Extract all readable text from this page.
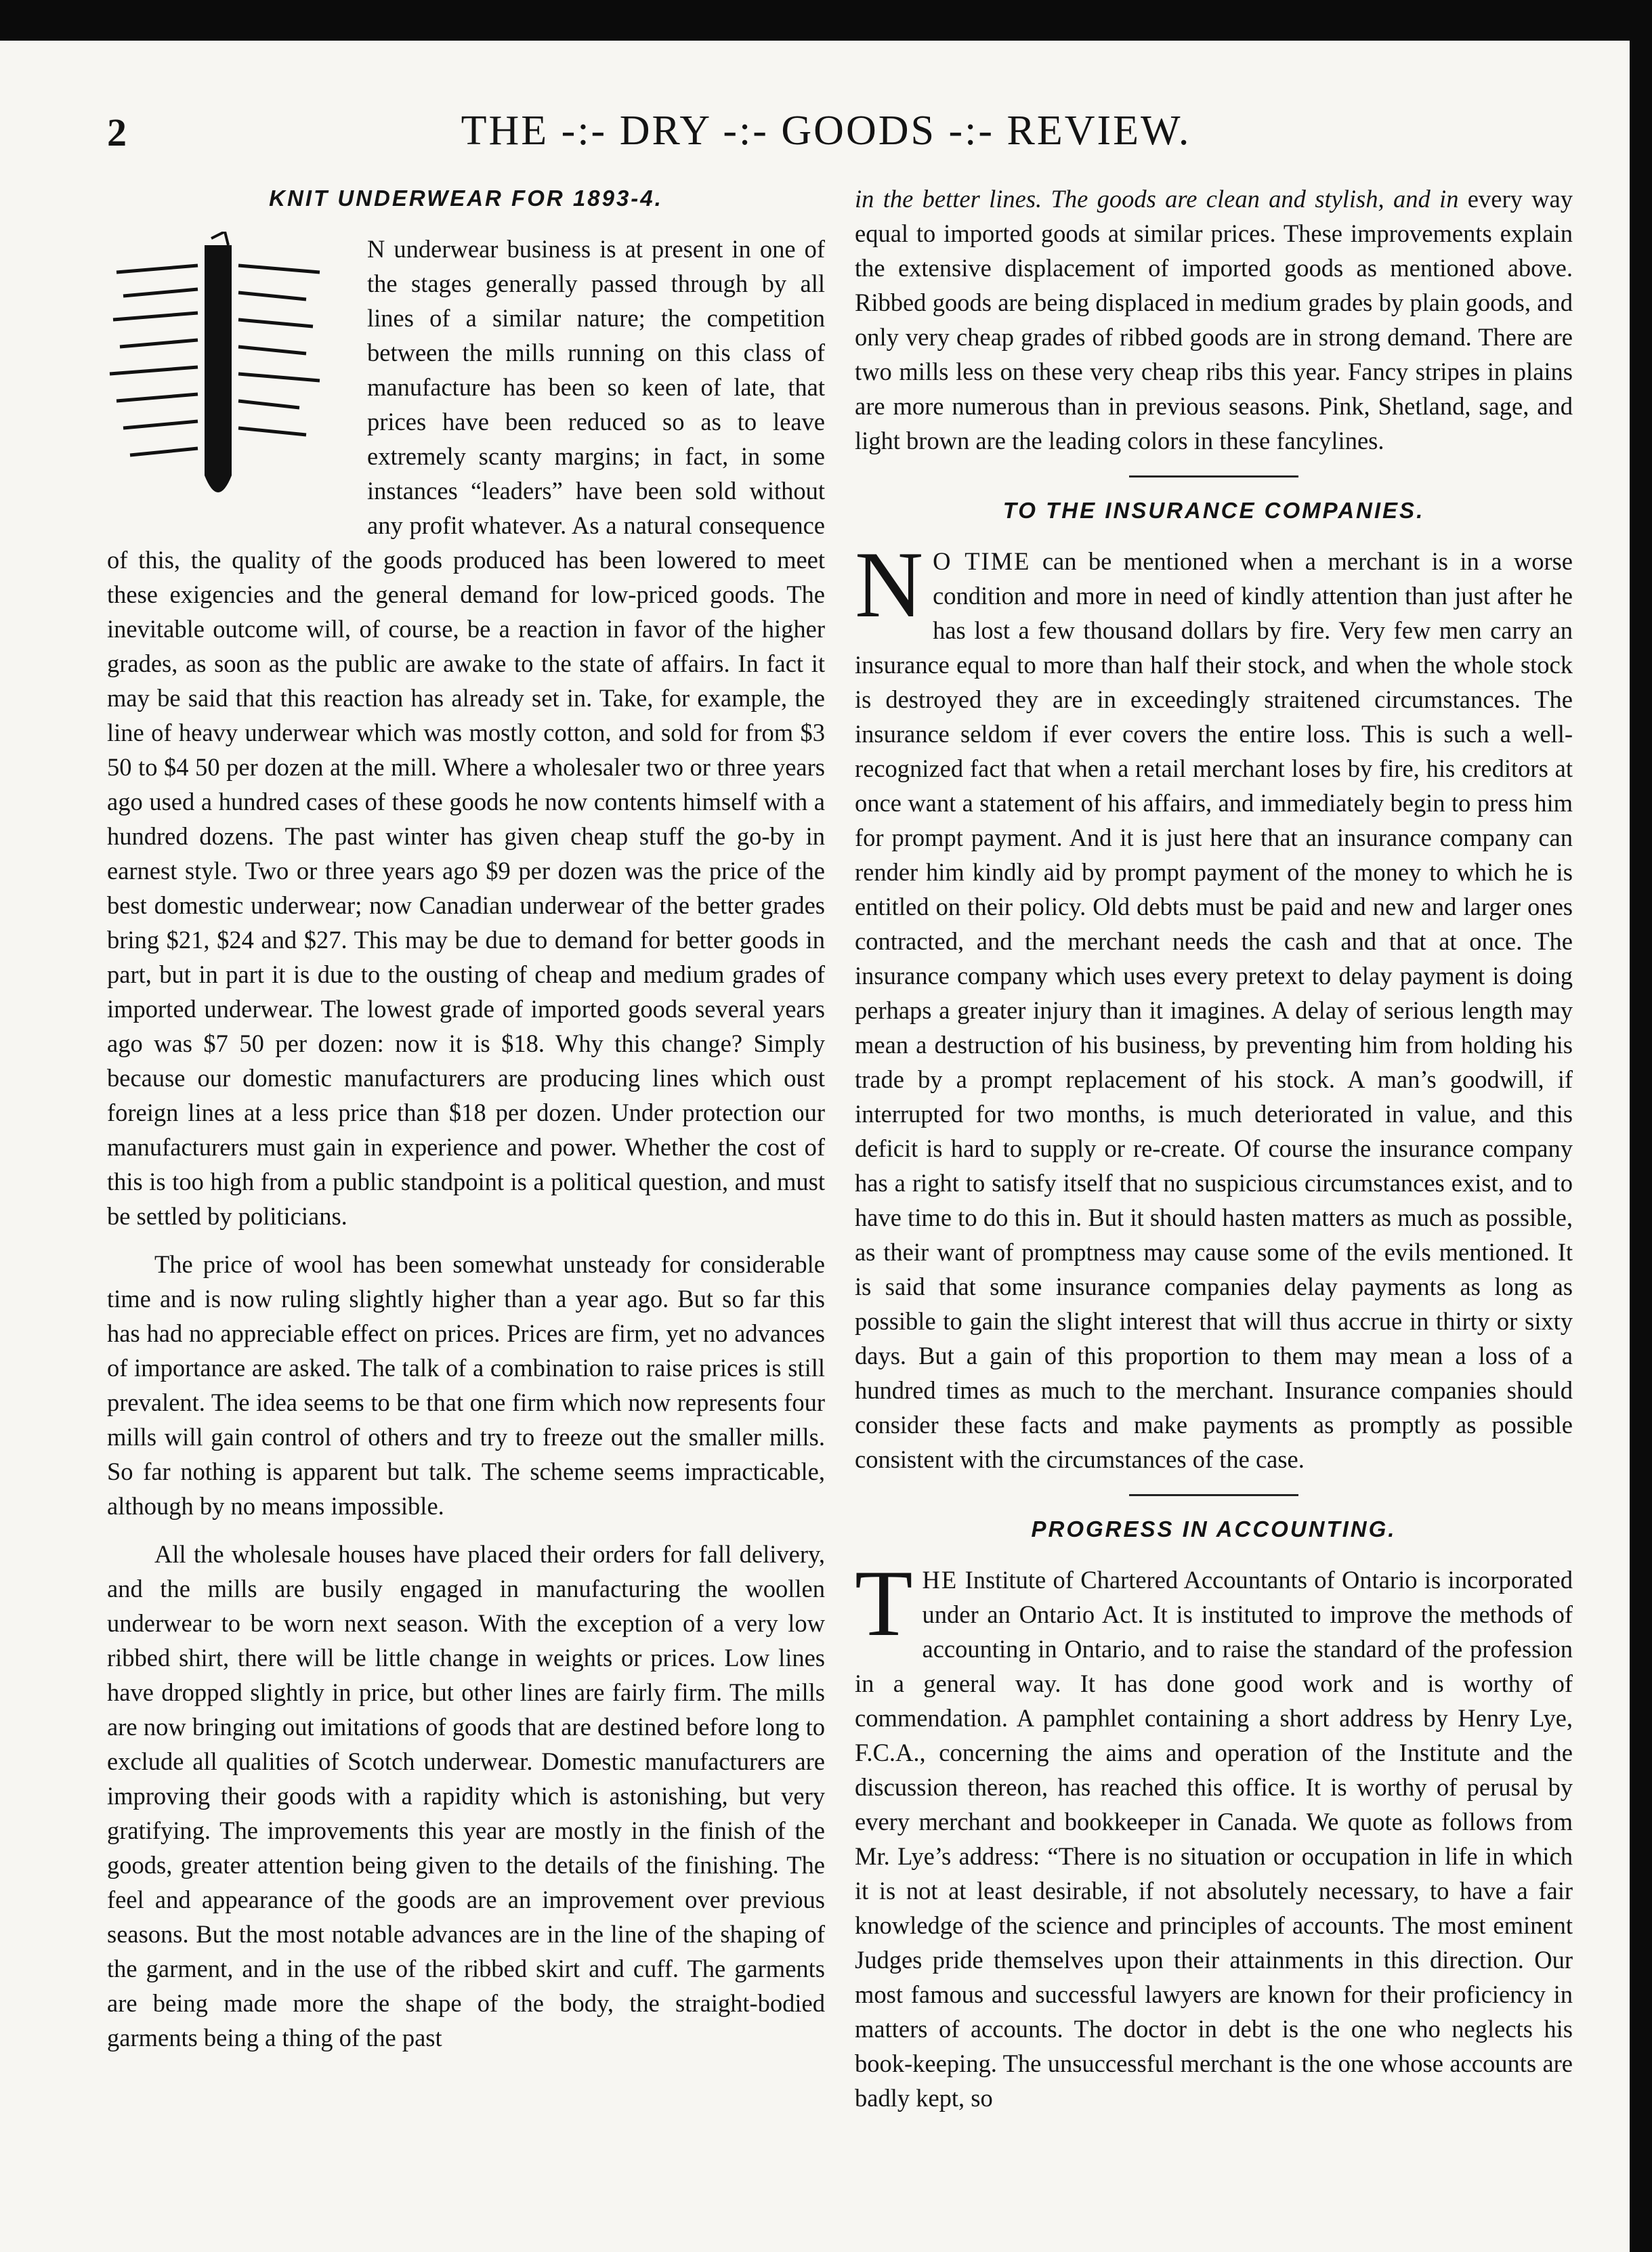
2	THE -:- DRY -:- GOODS -:- REVIEW.
KNIT UNDERWEAR FOR 1893-4.

N underwear business is at present in one of the stages generally passed through by all lines of a similar nature; the competition between the mills running on this class of manufacture has been so keen of late, that prices have been reduced so as to leave extremely scanty margins; in fact, in some instances “leaders” have been sold without any profit whatever. As a natural consequence of this, the quality of the goods produced has been lowered to meet these exigencies and the general demand for low-priced goods. The inevitable outcome will, of course, be a reaction in favor of the higher grades, as soon as the public are awake to the state of affairs. In fact it may be said that this reaction has already set in. Take, for example, the line of heavy underwear which was mostly cotton, and sold for from $3 50 to $4 50 per dozen at the mill. Where a wholesaler two or three years ago used a hundred cases of these goods he now contents himself with a hundred dozens. The past winter has given cheap stuff the go-by in earnest style. Two or three years ago $9 per dozen was the price of the best domestic underwear; now Canadian underwear of the better grades bring $21, $24 and $27. This may be due to demand for better goods in part, but in part it is due to the ousting of cheap and medium grades of imported underwear. The lowest grade of imported goods several years ago was $7 50 per dozen: now it is $18. Why this change? Simply because our domestic manufacturers are producing lines which oust foreign lines at a less price than $18 per dozen. Under protection our manufacturers must gain in experience and power. Whether the cost of this is too high from a public standpoint is a political question, and must be settled by politicians.

The price of wool has been somewhat unsteady for considerable time and is now ruling slightly higher than a year ago. But so far this has had no appreciable effect on prices. Prices are firm, yet no advances of importance are asked. The talk of a combination to raise prices is still prevalent. The idea seems to be that one firm which now represents four mills will gain control of others and try to freeze out the smaller mills. So far nothing is apparent but talk. The scheme seems impracticable, although by no means impossible.

All the wholesale houses have placed their orders for fall delivery, and the mills are busily engaged in manufacturing the woollen underwear to be worn next season. With the exception of a very low ribbed shirt, there will be little change in weights or prices. Low lines have dropped slightly in price, but other lines are fairly firm. The mills are now bringing out imitations of goods that are destined before long to exclude all qualities of Scotch underwear. Domestic manufacturers are improving their goods with a rapidity which is astonishing, but very gratifying. The improvements this year are mostly in the finish of the goods, greater attention being given to the details of the finishing. The feel and appearance of the goods are an improvement over previous seasons. But the most notable advances are in the line of the shaping of the garment, and in the use of the ribbed skirt and cuff. The garments are being made more the shape of the body, the straight-bodied garments being a thing of the past

in the better lines. The goods are clean and stylish, and in every way equal to imported goods at similar prices. These improvements explain the extensive displacement of imported goods as mentioned above. Ribbed goods are being displaced in medium grades by plain goods, and only very cheap grades of ribbed goods are in strong demand. There are two mills less on these very cheap ribs this year. Fancy stripes in plains are more numerous than in previous seasons. Pink, Shetland, sage, and light brown are the leading colors in these fancylines.

TO THE INSURANCE COMPANIES.

N O TIME can be mentioned when a merchant is in a worse condition and more in need of kindly attention than just after he has lost a few thousand dollars by fire. Very few men carry an insurance equal to more than half their stock, and when the whole stock is destroyed they are in exceedingly straitened circumstances. The insurance seldom if ever covers the entire loss. This is such a well-recognized fact that when a retail merchant loses by fire, his creditors at once want a statement of his affairs, and immediately begin to press him for prompt payment. And it is just here that an insurance company can render him kindly aid by prompt payment of the money to which he is entitled on their policy. Old debts must be paid and new and larger ones contracted, and the merchant needs the cash and that at once. The insurance company which uses every pretext to delay payment is doing perhaps a greater injury than it imagines. A delay of serious length may mean a destruction of his business, by preventing him from holding his trade by a prompt replacement of his stock. A man’s goodwill, if interrupted for two months, is much deteriorated in value, and this deficit is hard to supply or re-create. Of course the insurance company has a right to satisfy itself that no suspicious circumstances exist, and to have time to do this in. But it should hasten matters as much as possible, as their want of promptness may cause some of the evils mentioned. It is said that some insurance companies delay payments as long as possible to gain the slight interest that will thus accrue in thirty or sixty days. But a gain of this proportion to them may mean a loss of a hundred times as much to the merchant. Insurance companies should consider these facts and make payments as promptly as possible consistent with the circumstances of the case.

PROGRESS IN ACCOUNTING.

THE Institute of Chartered Accountants of Ontario is incorporated under an Ontario Act. It is instituted to improve the methods of accounting in Ontario, and to raise the standard of the profession in a general way. It has done good work and is worthy of commendation. A pamphlet containing a short address by Henry Lye, F.C.A., concerning the aims and operation of the Institute and the discussion thereon, has reached this office. It is worthy of perusal by every merchant and bookkeeper in Canada. We quote as follows from Mr. Lye’s address: “There is no situation or occupation in life in which it is not at least desirable, if not absolutely necessary, to have a fair knowledge of the science and principles of accounts. The most eminent Judges pride themselves upon their attainments in this direction. Our most famous and successful lawyers are known for their proficiency in matters of accounts. The doctor in debt is the one who neglects his book-keeping. The unsuccessful merchant is the one whose accounts are badly kept, so
